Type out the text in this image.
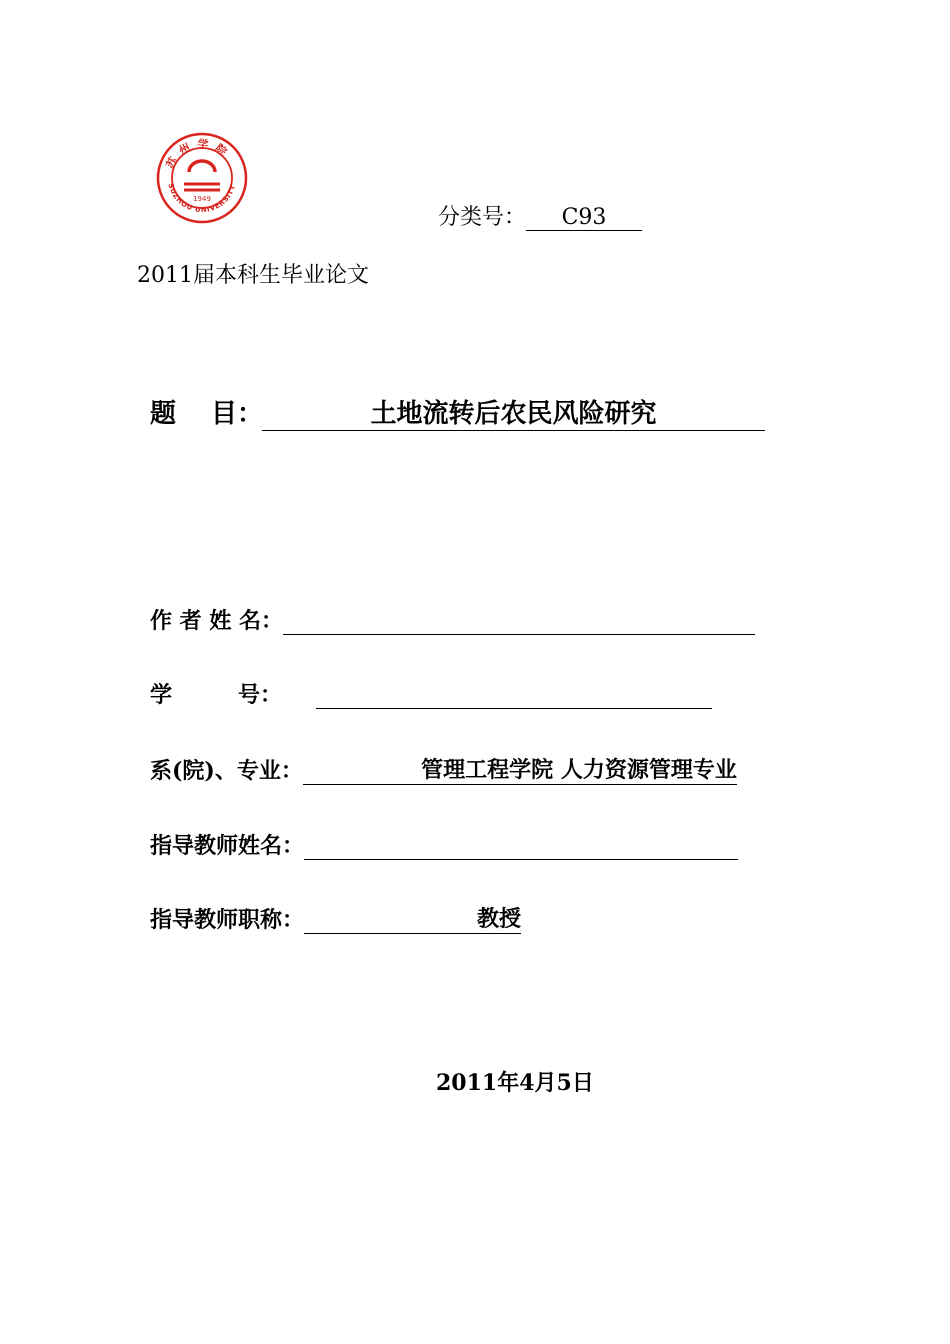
苏州学院
SUZHOU UNIVERSITY
1949
分类号： C93
2011届本科生毕业论文
题　 目：	土地流转后农民风险研究
作 者 姓 名：
学　　　号：
系(院)、专业：	管理工程学院 人力资源管理专业
指导教师姓名：
指导教师职称：	教授
2011年4月5日
